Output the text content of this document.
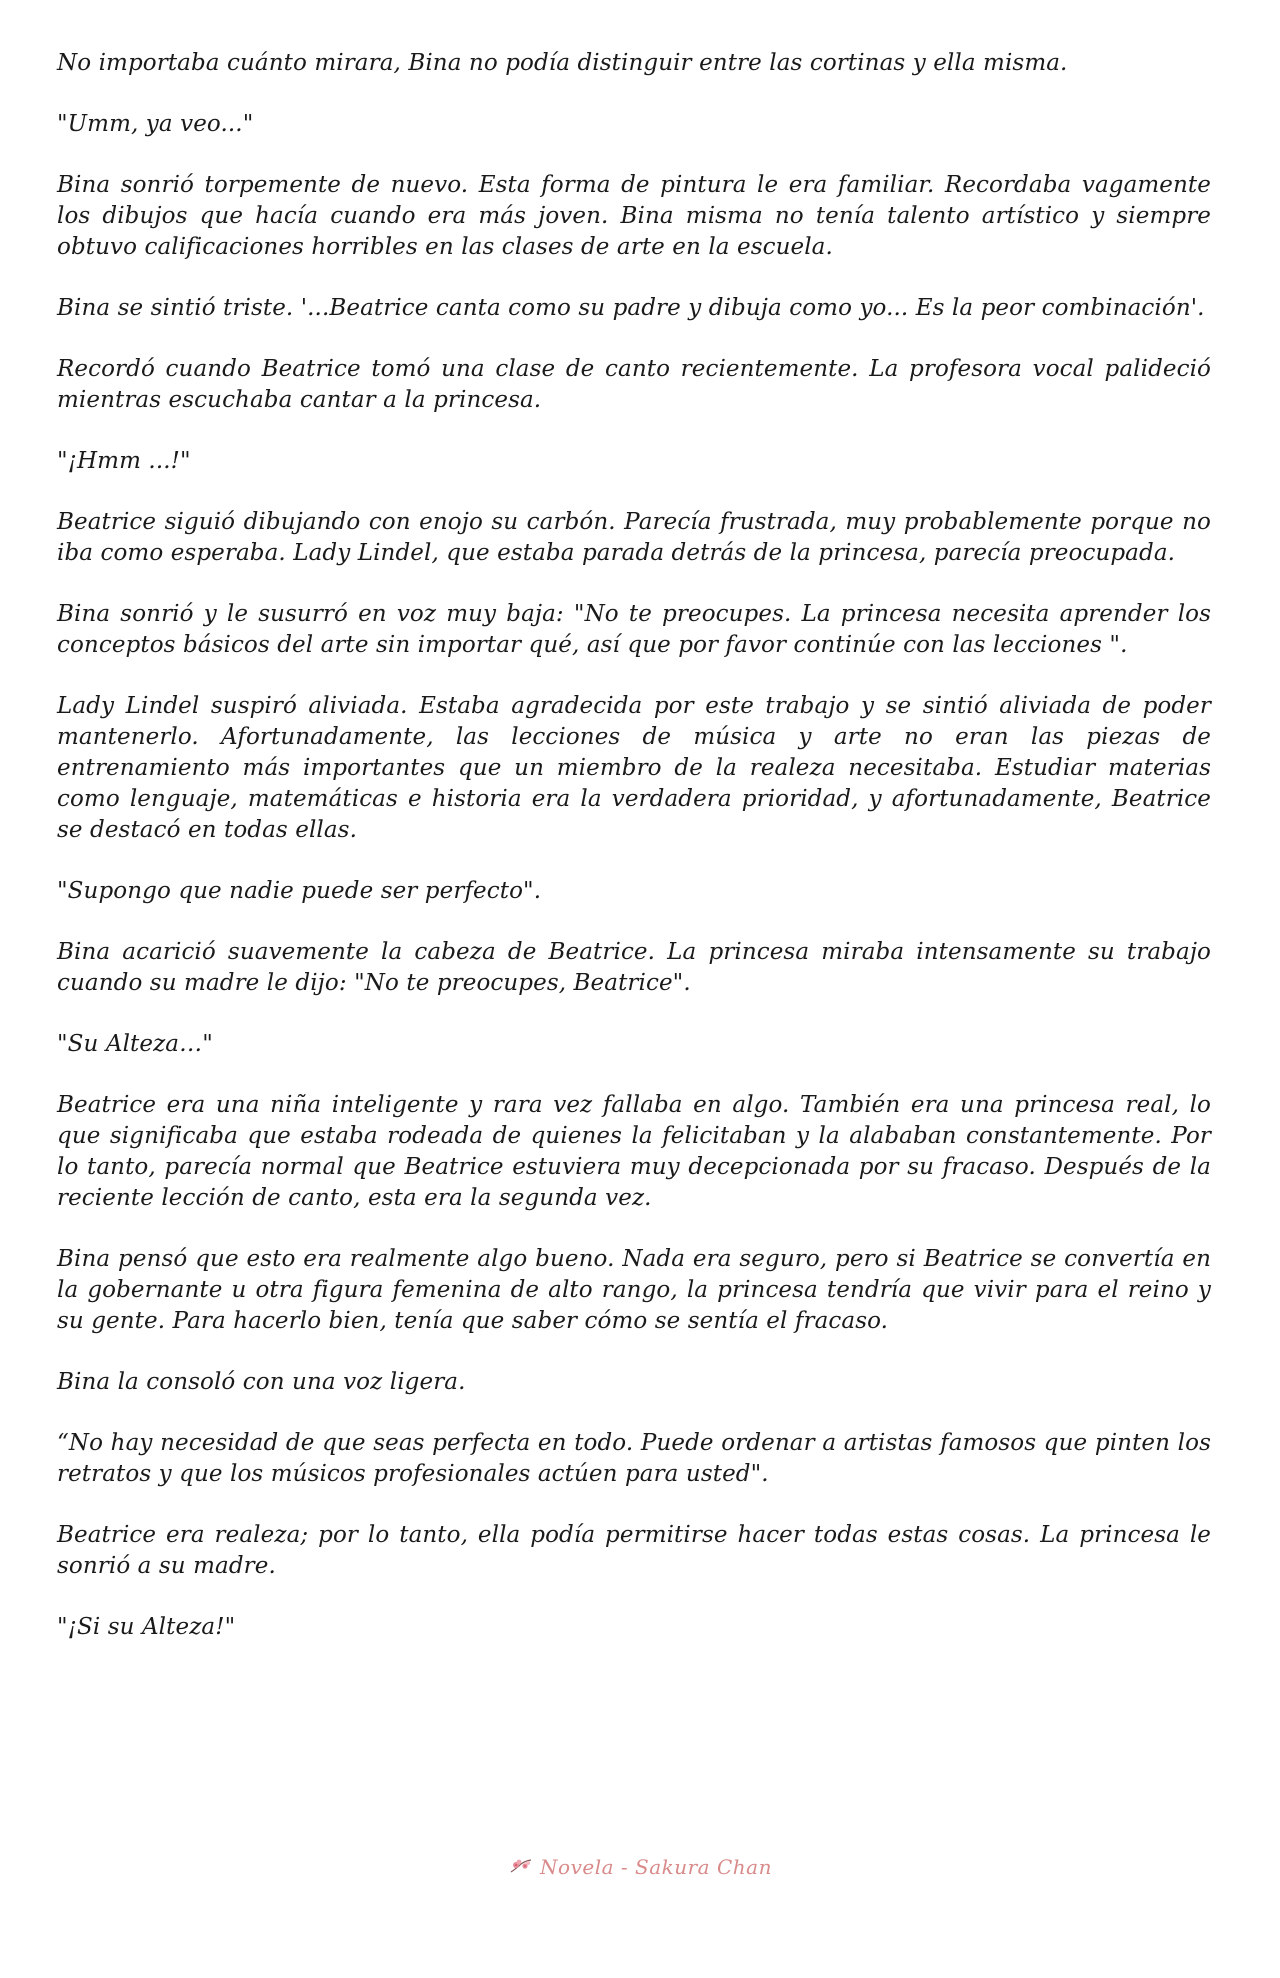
No importaba cuánto mirara, Bina no podía distinguir entre las cortinas y ella misma.

"Umm, ya veo..."

Bina sonrió torpemente de nuevo. Esta forma de pintura le era familiar. Recordaba vagamente los dibujos que hacía cuando era más joven. Bina misma no tenía talento artístico y siempre obtuvo calificaciones horribles en las clases de arte en la escuela.

Bina se sintió triste. '...Beatrice canta como su padre y dibuja como yo... Es la peor combinación'.

Recordó cuando Beatrice tomó una clase de canto recientemente. La profesora vocal palideció mientras escuchaba cantar a la princesa.

"¡Hmm ...!"

Beatrice siguió dibujando con enojo su carbón. Parecía frustrada, muy probablemente porque no iba como esperaba. Lady Lindel, que estaba parada detrás de la princesa, parecía preocupada.

Bina sonrió y le susurró en voz muy baja: "No te preocupes. La princesa necesita aprender los conceptos básicos del arte sin importar qué, así que por favor continúe con las lecciones ".

Lady Lindel suspiró aliviada. Estaba agradecida por este trabajo y se sintió aliviada de poder mantenerlo. Afortunadamente, las lecciones de música y arte no eran las piezas de entrenamiento más importantes que un miembro de la realeza necesitaba. Estudiar materias como lenguaje, matemáticas e historia era la verdadera prioridad, y afortunadamente, Beatrice se destacó en todas ellas.

"Supongo que nadie puede ser perfecto".

Bina acarició suavemente la cabeza de Beatrice. La princesa miraba intensamente su trabajo cuando su madre le dijo: "No te preocupes, Beatrice".

"Su Alteza…"

Beatrice era una niña inteligente y rara vez fallaba en algo. También era una princesa real, lo que significaba que estaba rodeada de quienes la felicitaban y la alababan constantemente. Por lo tanto, parecía normal que Beatrice estuviera muy decepcionada por su fracaso. Después de la reciente lección de canto, esta era la segunda vez.

Bina pensó que esto era realmente algo bueno. Nada era seguro, pero si Beatrice se convertía en la gobernante u otra figura femenina de alto rango, la princesa tendría que vivir para el reino y su gente. Para hacerlo bien, tenía que saber cómo se sentía el fracaso.

Bina la consoló con una voz ligera.

“No hay necesidad de que seas perfecta en todo. Puede ordenar a artistas famosos que pinten los retratos y que los músicos profesionales actúen para usted".

Beatrice era realeza; por lo tanto, ella podía permitirse hacer todas estas cosas. La princesa le sonrió a su madre.

"¡Si su Alteza!"

Novela - Sakura Chan
